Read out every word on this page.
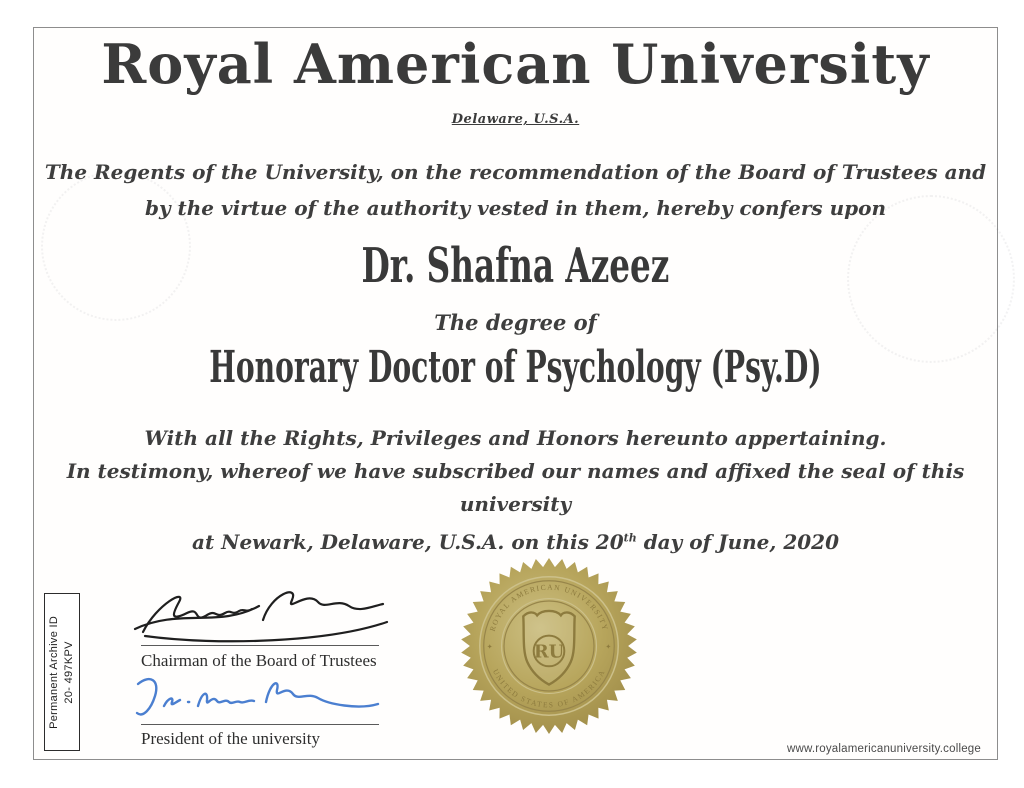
Royal American University
Delaware, U.S.A.

The Regents of the University, on the recommendation of the Board of Trustees and
by the virtue of the authority vested in them, hereby confers upon

Dr. Shafna Azeez
The degree of
Honorary Doctor of Psychology (Psy.D)

With all the Rights, Privileges and Honors hereunto appertaining.
In testimony, whereof we have subscribed our names and affixed the seal of this university
at Newark, Delaware, U.S.A. on this 20th day of June, 2020

Chairman of the Board of Trustees
President of the university
Permanent Archive ID 20- 497KPV
ROYAL AMERICAN UNIVERSITY
UNITED STATES OF AMERICA
✦	✦
RU
www.royalamericanuniversity.college
